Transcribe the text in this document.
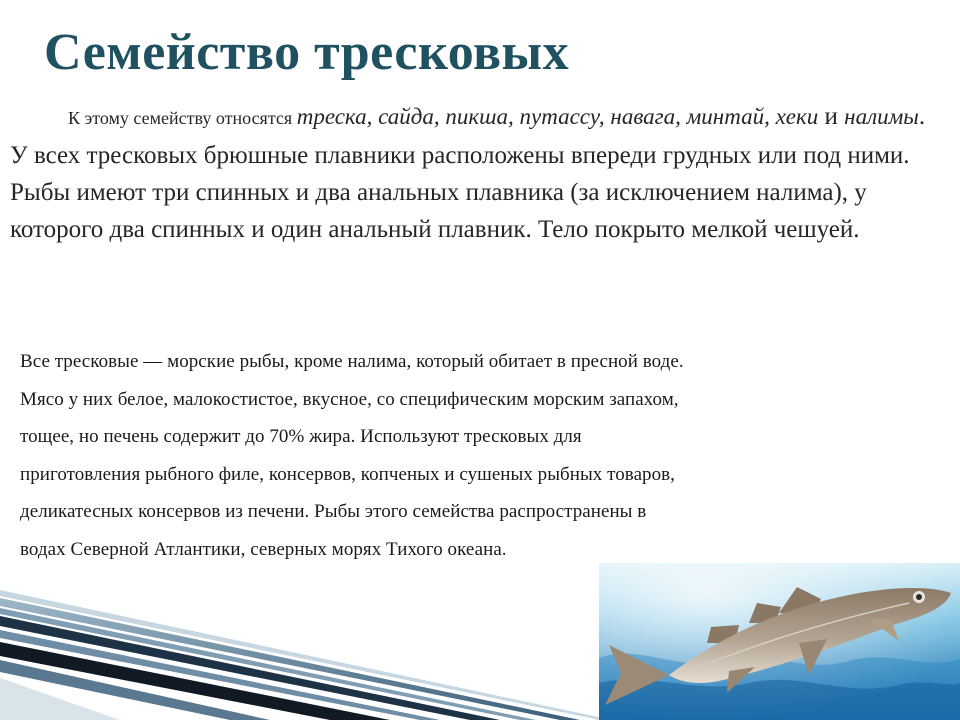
Семейство тресковых
К этому семейству относятся треска, сайда, пикша, путассу, навага, минтай, хеки и налимы. У всех тресковых брюшные плавники расположены впереди грудных или под ними. Рыбы имеют три спинных и два анальных плавника (за исключением налима), у которого два спинных и один анальный плавник. Тело покрыто мелкой чешуей.
Все тресковые — морские рыбы, кроме налима, который обитает в пресной воде.
Мясо у них белое, малокостистое, вкусное, со специфическим морским запахом,
тощее, но печень содержит до 70% жира. Используют тресковых для
приготовления рыбного филе, консервов, копченых и сушеных рыбных товаров,
деликатесных консервов из печени. Рыбы этого семейства распространены в
водах Северной Атлантики, северных морях Тихого океана.
